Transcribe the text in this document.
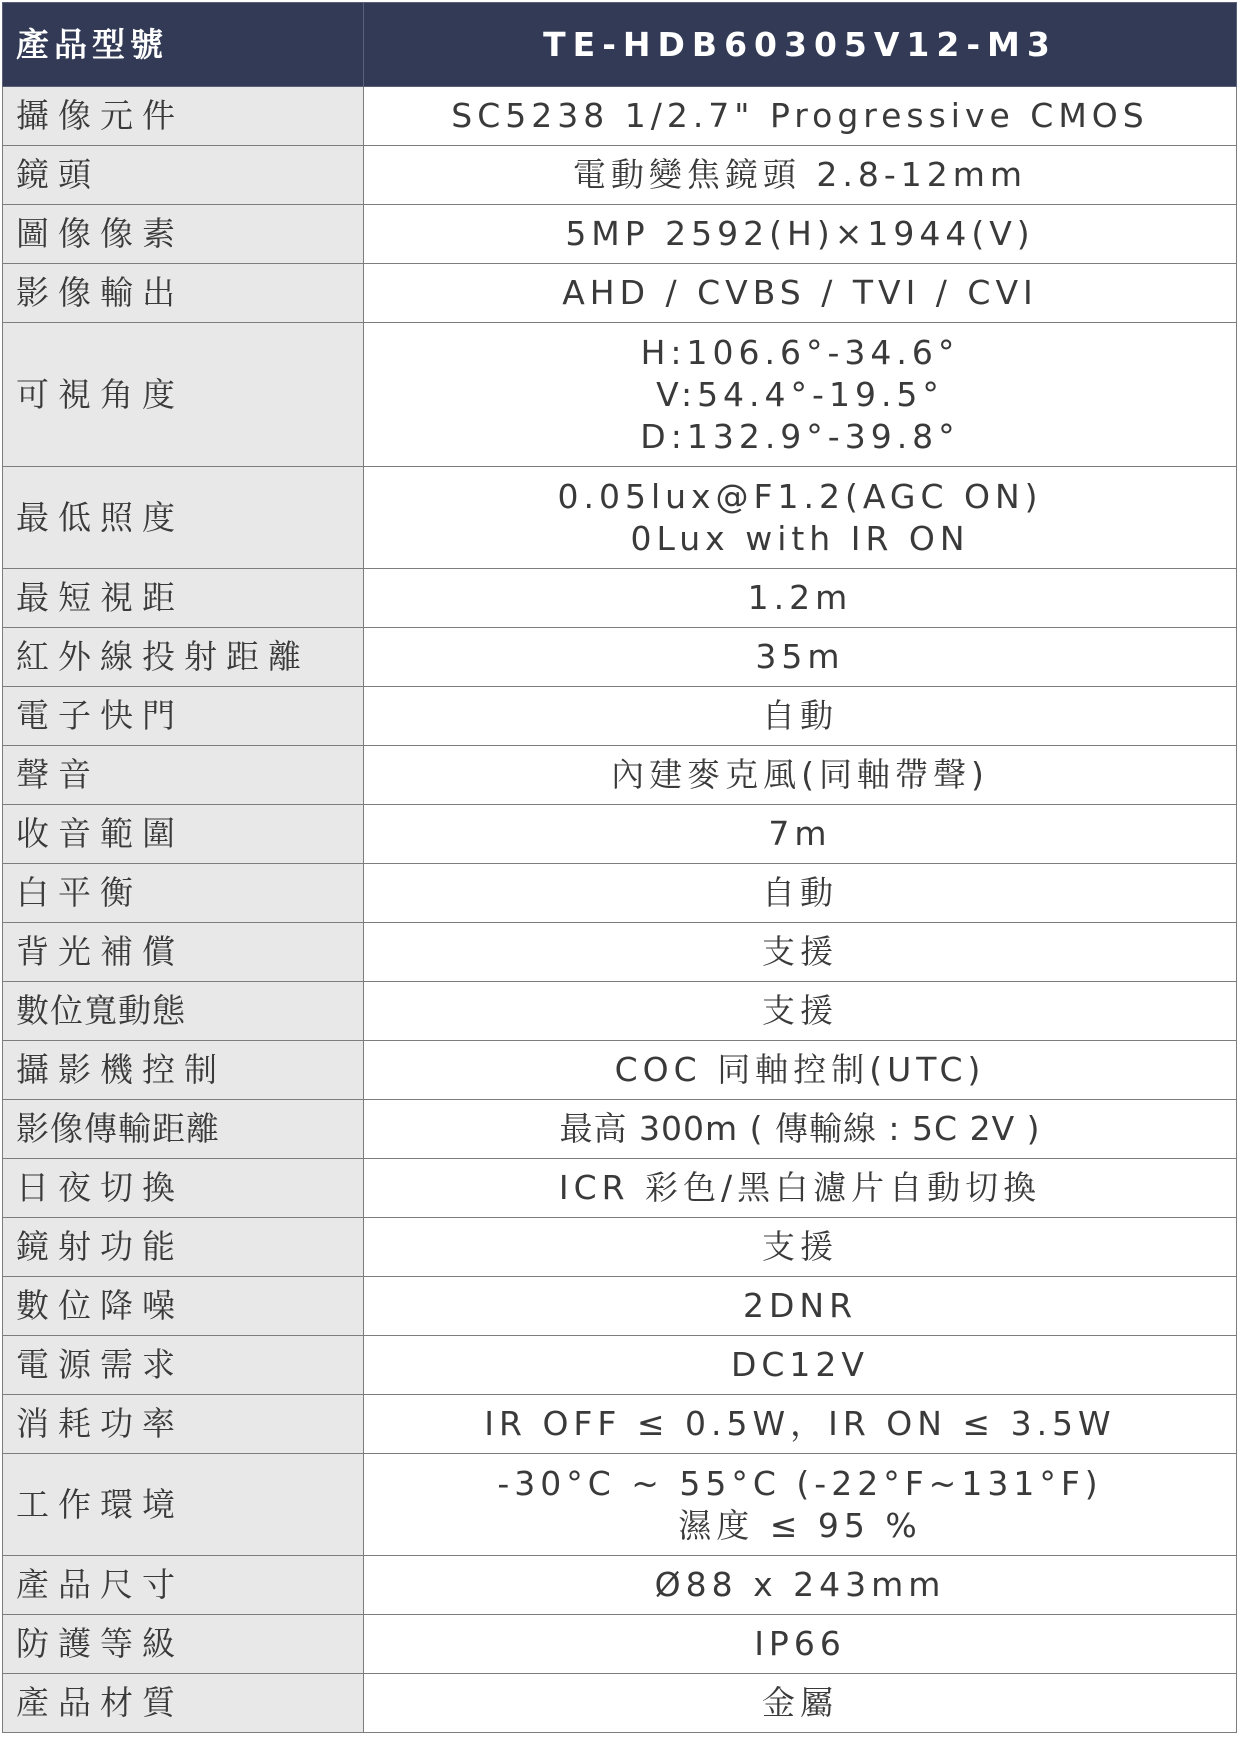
產品型號	TE-HDB60305V12-M3
攝像元件	SC5238 1/2.7" Progressive CMOS

鏡頭	電動變焦鏡頭 2.8-12mm

圖像像素	5MP 2592(H)×1944(V)

影像輸出	AHD / CVBS / TVI / CVI

可視角度	H:106.6°-34.6°
V:54.4°-19.5°
D:132.9°-39.8°

最低照度	0.05lux@F1.2(AGC ON)
0Lux with IR ON

最短視距	1.2m

紅外線投射距離	35m

電子快門	自動

聲音	內建麥克風(同軸帶聲)

收音範圍	7m

白平衡	自動

背光補償	支援

數位寬動態	支援

攝影機控制	COC 同軸控制(UTC)

影像傳輸距離	最高 300m ( 傳輸線 : 5C 2V )

日夜切換	ICR 彩色/黑白濾片自動切換

鏡射功能	支援

數位降噪	2DNR

電源需求	DC12V

消耗功率	IR OFF ≤ 0.5W，IR ON ≤ 3.5W

工作環境	-30°C ~ 55°C (-22°F~131°F)
濕度 ≤ 95 %

產品尺寸	Ø88 x 243mm

防護等級	IP66

產品材質	金屬
